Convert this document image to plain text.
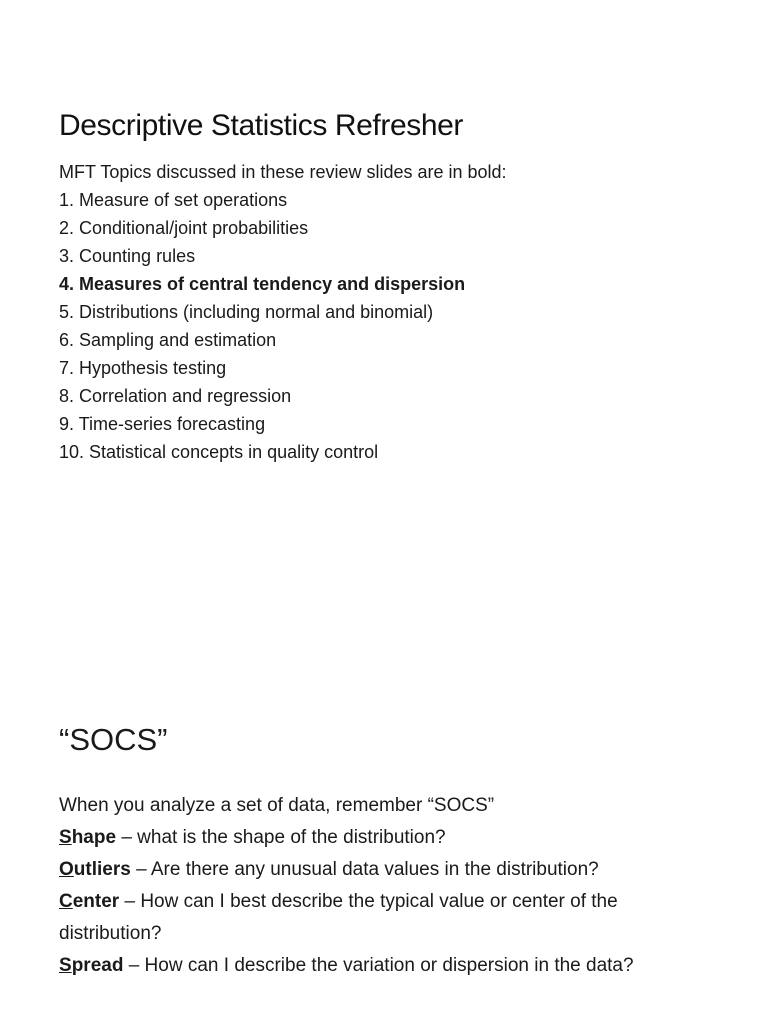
Descriptive Statistics Refresher
MFT Topics discussed in these review slides are in bold:
1. Measure of set operations
2. Conditional/joint probabilities
3. Counting rules
4. Measures of central tendency and dispersion
5. Distributions (including normal and binomial)
6. Sampling and estimation
7. Hypothesis testing
8. Correlation and regression
9. Time-series forecasting
10. Statistical concepts in quality control
“SOCS”
When you analyze a set of data, remember “SOCS”
Shape – what is the shape of the distribution?
Outliers – Are there any unusual data values in the distribution?
Center – How can I best describe the typical value or center of the
distribution?
Spread – How can I describe the variation or dispersion in the data?
